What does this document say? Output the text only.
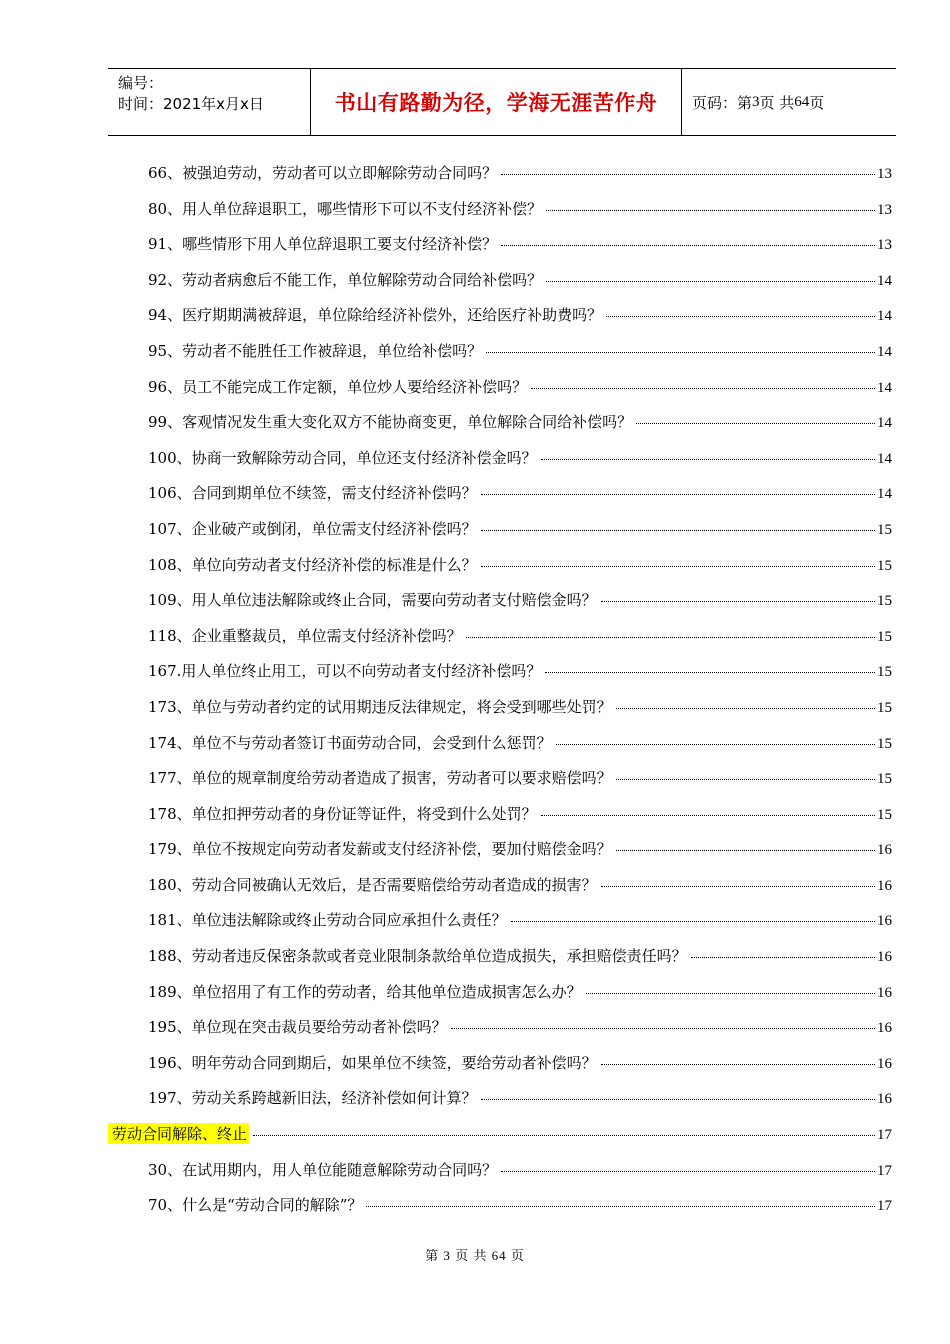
编号：
时间：2021年x月x日	书山有路勤为径，学海无涯苦作舟	页码：第 3 页 共 64 页
66、被强迫劳动，劳动者可以立即解除劳动合同吗？	13
80、用人单位辞退职工，哪些情形下可以不支付经济补偿？	13
91、哪些情形下用人单位辞退职工要支付经济补偿？	13
92、劳动者病愈后不能工作，单位解除劳动合同给补偿吗？	14
94、医疗期期满被辞退，单位除给经济补偿外，还给医疗补助费吗？	14
95、劳动者不能胜任工作被辞退，单位给补偿吗？	14
96、员工不能完成工作定额，单位炒人要给经济补偿吗？	14
99、客观情况发生重大变化双方不能协商变更，单位解除合同给补偿吗？	14
100、协商一致解除劳动合同，单位还支付经济补偿金吗？	14
106、合同到期单位不续签，需支付经济补偿吗？	14
107、企业破产或倒闭，单位需支付经济补偿吗？	15
108、单位向劳动者支付经济补偿的标准是什么？	15
109、用人单位违法解除或终止合同，需要向劳动者支付赔偿金吗？	15
118、企业重整裁员，单位需支付经济补偿吗？	15
167.用人单位终止用工，可以不向劳动者支付经济补偿吗？	15
173、单位与劳动者约定的试用期违反法律规定，将会受到哪些处罚？	15
174、单位不与劳动者签订书面劳动合同，会受到什么惩罚？	15
177、单位的规章制度给劳动者造成了损害，劳动者可以要求赔偿吗？	15
178、单位扣押劳动者的身份证等证件，将受到什么处罚？	15
179、单位不按规定向劳动者发薪或支付经济补偿，要加付赔偿金吗？	16
180、劳动合同被确认无效后，是否需要赔偿给劳动者造成的损害？	16
181、单位违法解除或终止劳动合同应承担什么责任？	16
188、劳动者违反保密条款或者竞业限制条款给单位造成损失，承担赔偿责任吗？	16
189、单位招用了有工作的劳动者，给其他单位造成损害怎么办？	16
195、单位现在突击裁员要给劳动者补偿吗？	16
196、明年劳动合同到期后，如果单位不续签，要给劳动者补偿吗？	16
197、劳动关系跨越新旧法，经济补偿如何计算？	16
劳动合同解除、终止	17
30、在试用期内，用人单位能随意解除劳动合同吗？	17
70、什么是“劳动合同的解除”？	17
第 3 页 共 64 页
